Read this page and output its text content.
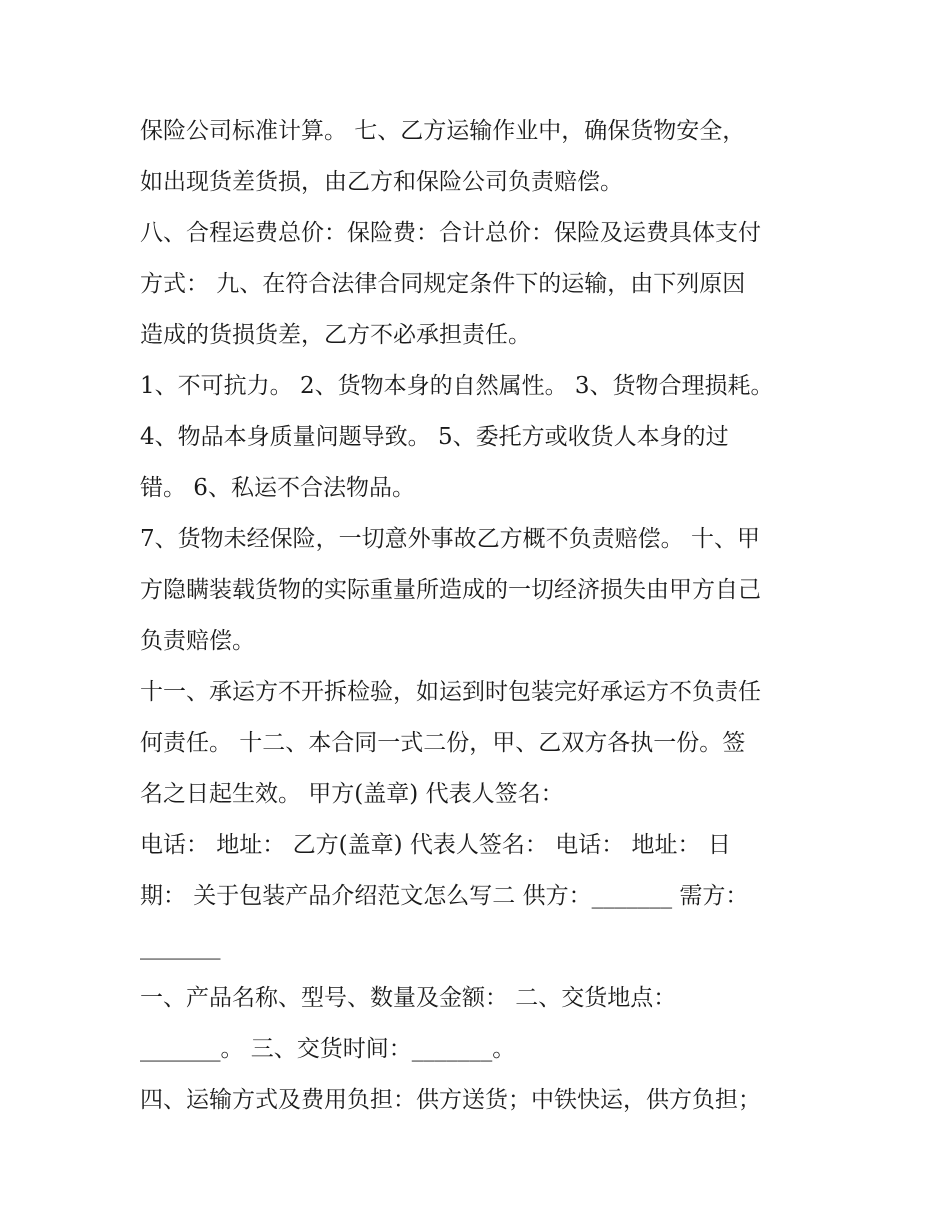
保险公司标准计算。 七、乙方运输作业中，确保货物安全，
如出现货差货损，由乙方和保险公司负责赔偿。
八、合程运费总价：保险费：合计总价：保险及运费具体支付
方式： 九、在符合法律合同规定条件下的运输，由下列原因
造成的货损货差，乙方不必承担责任。
1、不可抗力。 2、货物本身的自然属性。 3、货物合理损耗。
4、物品本身质量问题导致。 5、委托方或收货人本身的过
错。 6、私运不合法物品。
7、货物未经保险，一切意外事故乙方概不负责赔偿。 十、甲
方隐瞒装载货物的实际重量所造成的一切经济损失由甲方自己
负责赔偿。
十一、承运方不开拆检验，如运到时包装完好承运方不负责任
何责任。 十二、本合同一式二份，甲、乙双方各执一份。签
名之日起生效。 甲方(盖章) 代表人签名：
电话： 地址： 乙方(盖章) 代表人签名： 电话： 地址： 日
期： 关于包装产品介绍范文怎么写二 供方：_______ 需方：
_______
一、产品名称、型号、数量及金额： 二、交货地点：
_______。 三、交货时间：_______。
四、运输方式及费用负担：供方送货；中铁快运，供方负担；
